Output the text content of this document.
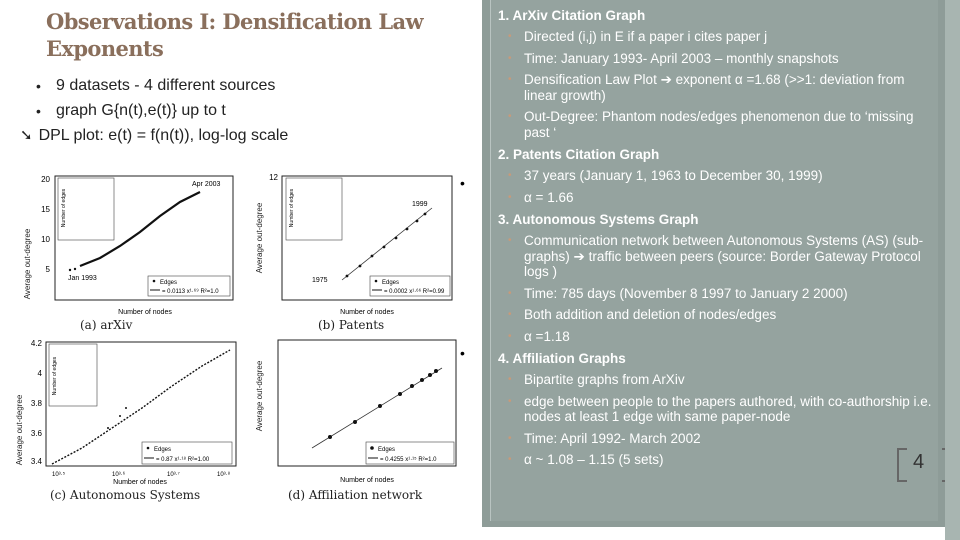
Observations I: Densification Law Exponents
• 9 datasets - 4 different sources
• graph G{n(t),e(t)} up to t
➘ DPL plot: e(t) = f(n(t)), log-log scale
Average out-degree
20
15
10
5
Number of edges
Apr 2003
Jan 1993
Edges
= 0.0113 x¹·⁶⁹ R²=1.0
Number of nodes
(a) arXiv
Average out-degree
12
Number of edges	1999
1975	Edges
= 0.0002 x¹·⁶⁶ R²=0.99
Number of nodes
•
(b) Patents
Average out-degree
4.2
4
3.8
3.6
3.4
Number of edges
Edges
= 0.87 x¹·¹⁸ R²=1.00
10³·⁵	10³·⁶	10³·⁷	10³·⁸
Number of nodes
(c) Autonomous Systems
Average out-degree
Edges
= 0.4255 x¹·¹⁵ R²=1.0
Number of nodes
•
(d) Affiliation network
1. ArXiv Citation Graph
• Directed (i,j) in E if a paper i cites paper j
• Time: January 1993- April 2003 – monthly snapshots
• Densification Law Plot ➔ exponent α =1.68 (>>1: deviation from linear growth)
• Out-Degree: Phantom nodes/edges phenomenon due to ‘missing past ‘
2. Patents Citation Graph
• 37 years (January 1, 1963 to December 30, 1999)
• α = 1.66
3. Autonomous Systems Graph
• Communication network between Autonomous Systems (AS) (sub-graphs) ➔ traffic between peers (source: Border Gateway Protocol logs )
• Time: 785 days (November 8 1997 to January 2 2000)
• Both addition and deletion of nodes/edges
• α =1.18
4. Affiliation Graphs
• Bipartite graphs from ArXiv
• edge between people to the papers authored, with co-authorship i.e. nodes at least 1 edge with same paper-node
• Time: April 1992- March 2002
• α ~ 1.08 – 1.15 (5 sets)	4
